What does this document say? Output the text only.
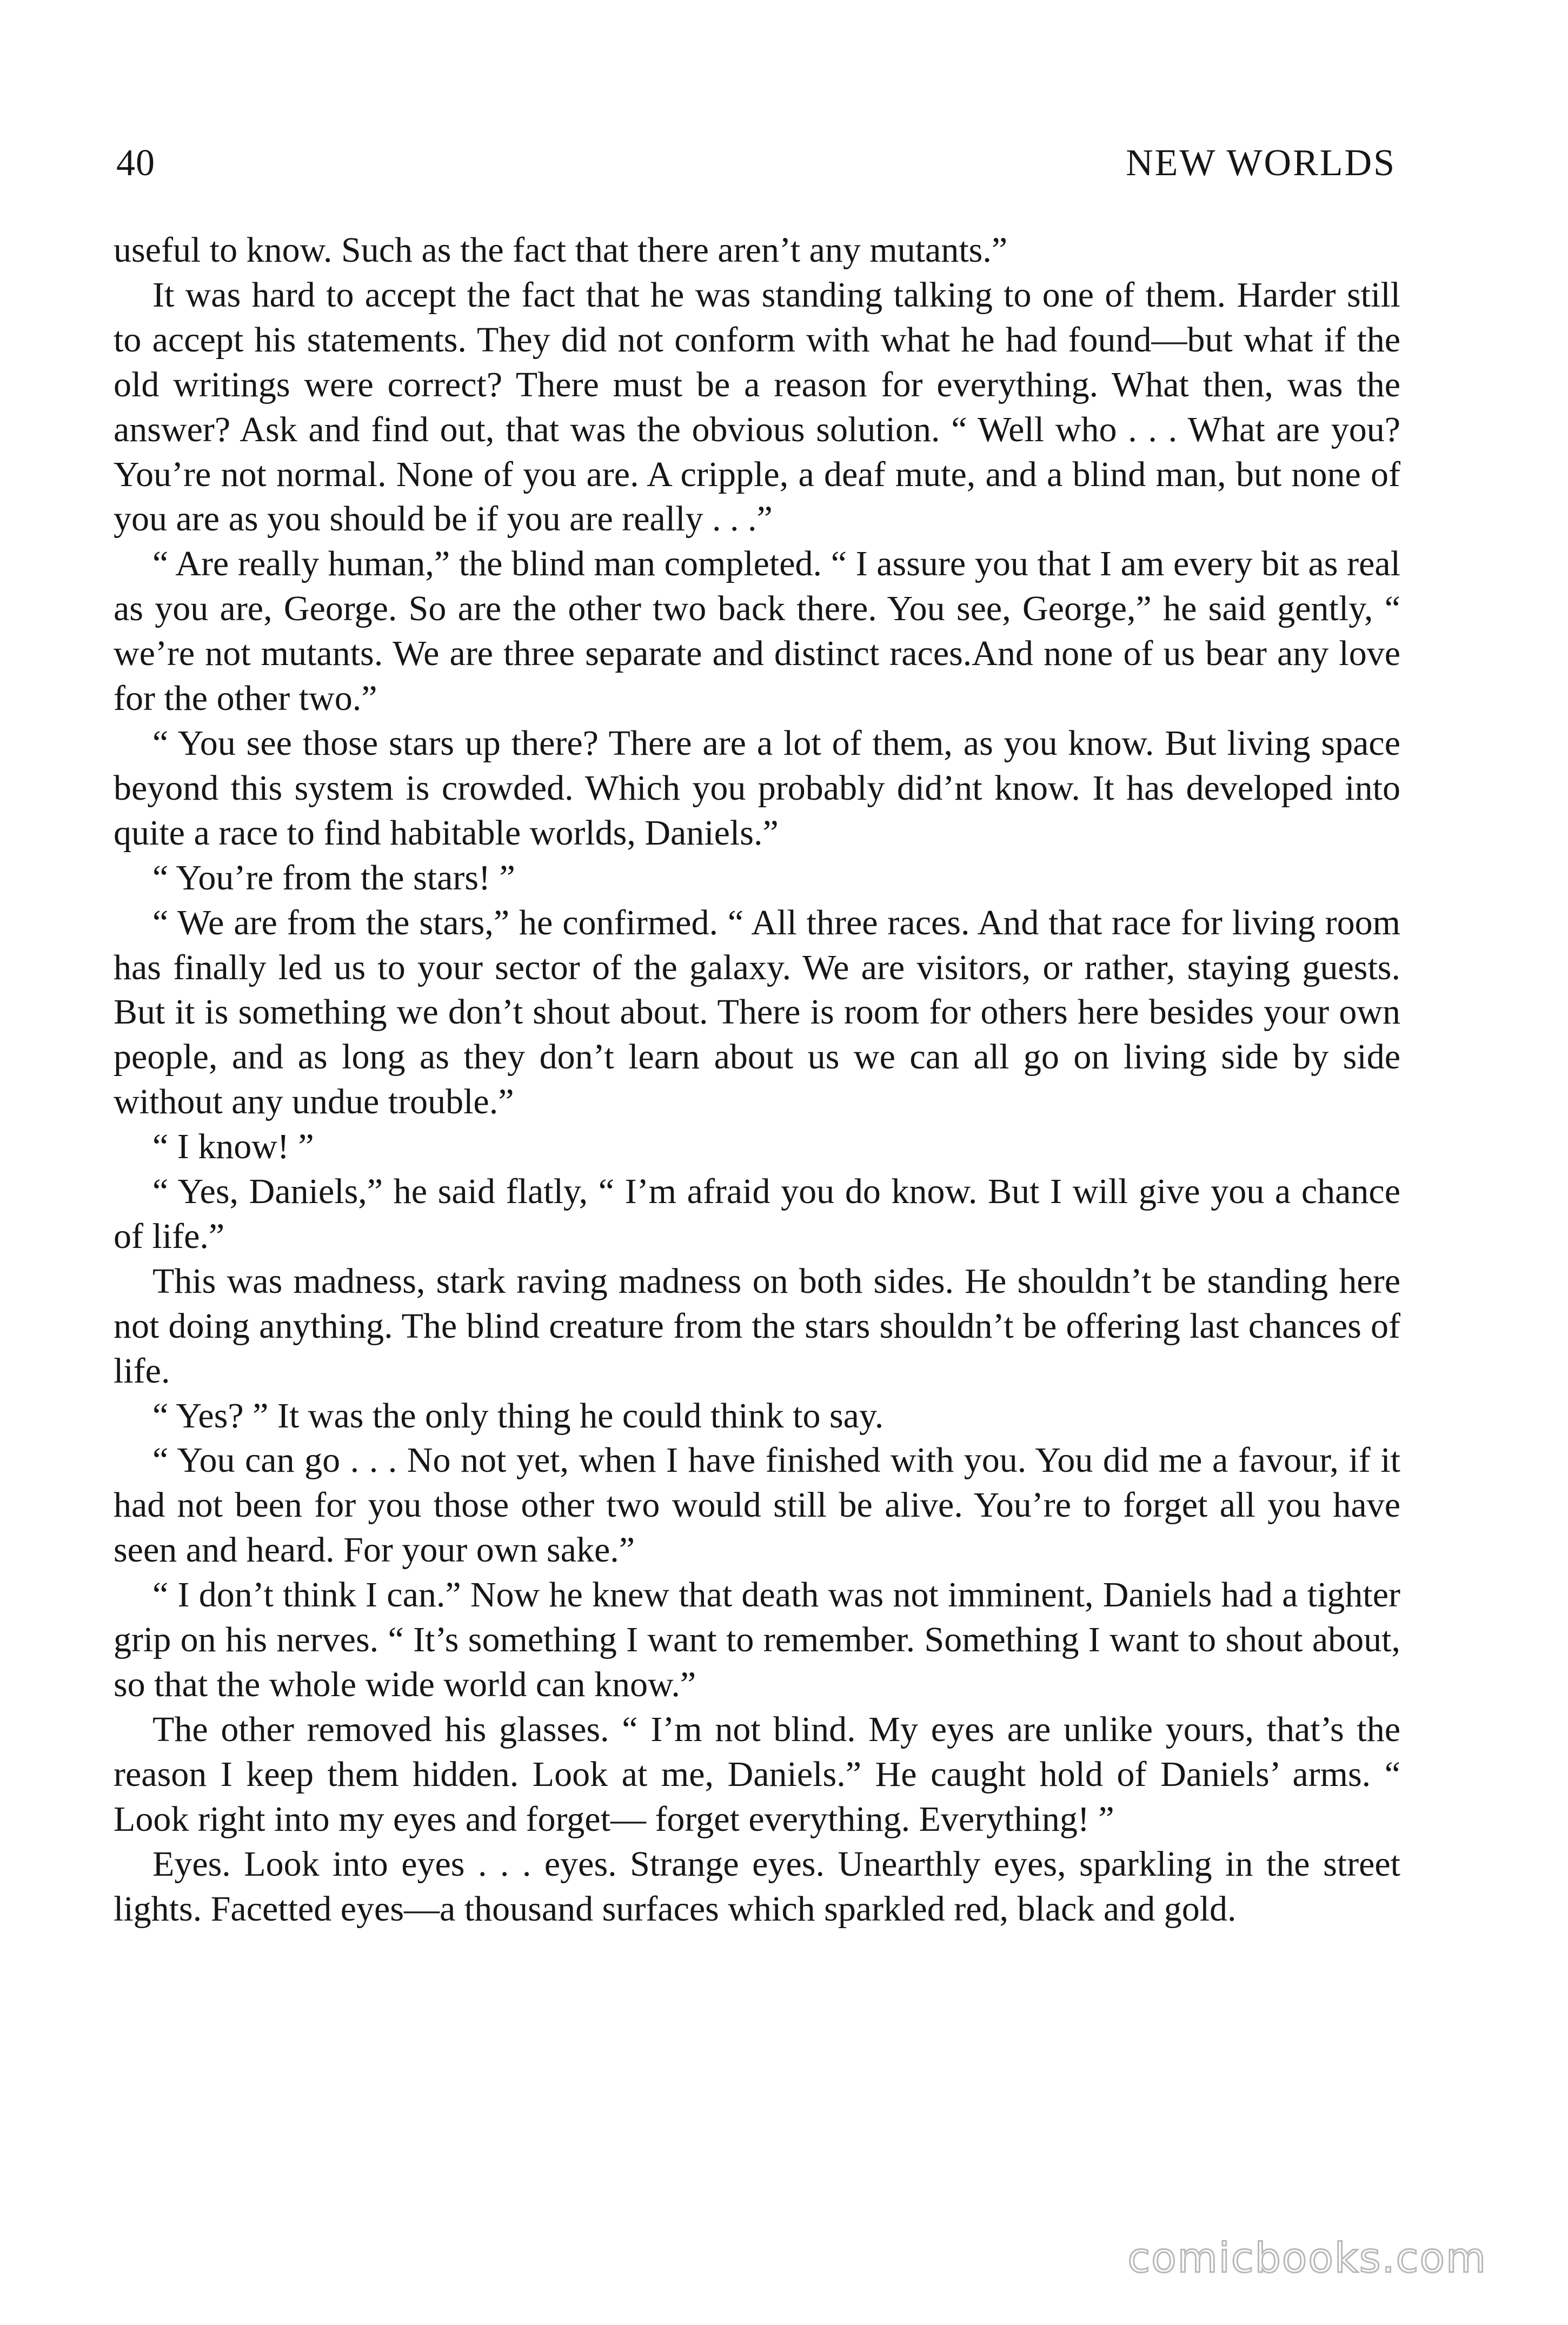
40	NEW WORLDS

useful to know. Such as the fact that there aren’t any mutants.”

It was hard to accept the fact that he was standing talking to one of them. Harder still to accept his statements. They did not conform with what he had found—but what if the old writings were correct? There must be a reason for everything. What then, was the answer? Ask and find out, that was the obvious solution. “ Well who . . . What are you? You’re not normal. None of you are. A cripple, a deaf mute, and a blind man, but none of you are as you should be if you are really . . .”

“ Are really human,” the blind man completed. “ I assure you that I am every bit as real as you are, George. So are the other two back there. You see, George,” he said gently, “ we’re not mutants. We are three separate and distinct races.And none of us bear any love for the other two.”

“ You see those stars up there? There are a lot of them, as you know. But living space beyond this system is crowded. Which you probably did’nt know. It has developed into quite a race to find habitable worlds, Daniels.”

“ You’re from the stars! ”

“ We are from the stars,” he confirmed. “ All three races. And that race for living room has finally led us to your sector of the galaxy. We are visitors, or rather, staying guests. But it is something we don’t shout about. There is room for others here besides your own people, and as long as they don’t learn about us we can all go on living side by side without any undue trouble.”

“ I know! ”

“ Yes, Daniels,” he said flatly, “ I’m afraid you do know. But I will give you a chance of life.”

This was madness, stark raving madness on both sides. He shouldn’t be standing here not doing anything. The blind creature from the stars shouldn’t be offering last chances of life.

“ Yes? ” It was the only thing he could think to say.

“ You can go . . . No not yet, when I have finished with you. You did me a favour, if it had not been for you those other two would still be alive. You’re to forget all you have seen and heard. For your own sake.”

“ I don’t think I can.” Now he knew that death was not imminent, Daniels had a tighter grip on his nerves. “ It’s something I want to remember. Something I want to shout about, so that the whole wide world can know.”

The other removed his glasses. “ I’m not blind. My eyes are unlike yours, that’s the reason I keep them hidden. Look at me, Daniels.” He caught hold of Daniels’ arms. “ Look right into my eyes and forget— forget everything. Everything! ”

Eyes. Look into eyes . . . eyes. Strange eyes. Unearthly eyes, sparkling in the street lights. Facetted eyes—a thousand surfaces which sparkled red, black and gold.

comicbooks.com
